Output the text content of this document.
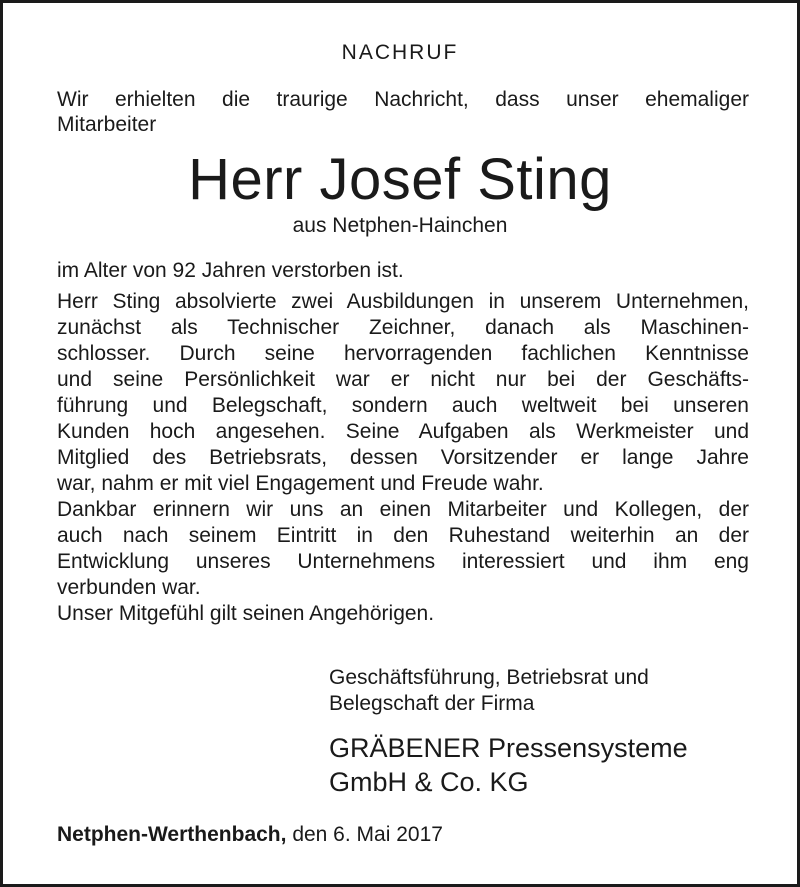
NACHRUF
Wir erhielten die traurige Nachricht, dass unser ehemaliger
Mitarbeiter
Herr Josef Sting
aus Netphen-Hainchen
im Alter von 92 Jahren verstorben ist.
Herr Sting absolvierte zwei Ausbildungen in unserem Unternehmen,
zunächst als Technischer Zeichner, danach als Maschinen-
schlosser. Durch seine hervorragenden fachlichen Kenntnisse
und seine Persönlichkeit war er nicht nur bei der Geschäfts-
führung und Belegschaft, sondern auch weltweit bei unseren
Kunden hoch angesehen. Seine Aufgaben als Werkmeister und
Mitglied des Betriebsrats, dessen Vorsitzender er lange Jahre
war, nahm er mit viel Engagement und Freude wahr.
Dankbar erinnern wir uns an einen Mitarbeiter und Kollegen, der
auch nach seinem Eintritt in den Ruhestand weiterhin an der
Entwicklung unseres Unternehmens interessiert und ihm eng
verbunden war.
Unser Mitgefühl gilt seinen Angehörigen.
Geschäftsführung, Betriebsrat und
Belegschaft der Firma
GRÄBENER Pressensysteme
GmbH & Co. KG
Netphen-Werthenbach, den 6. Mai 2017
